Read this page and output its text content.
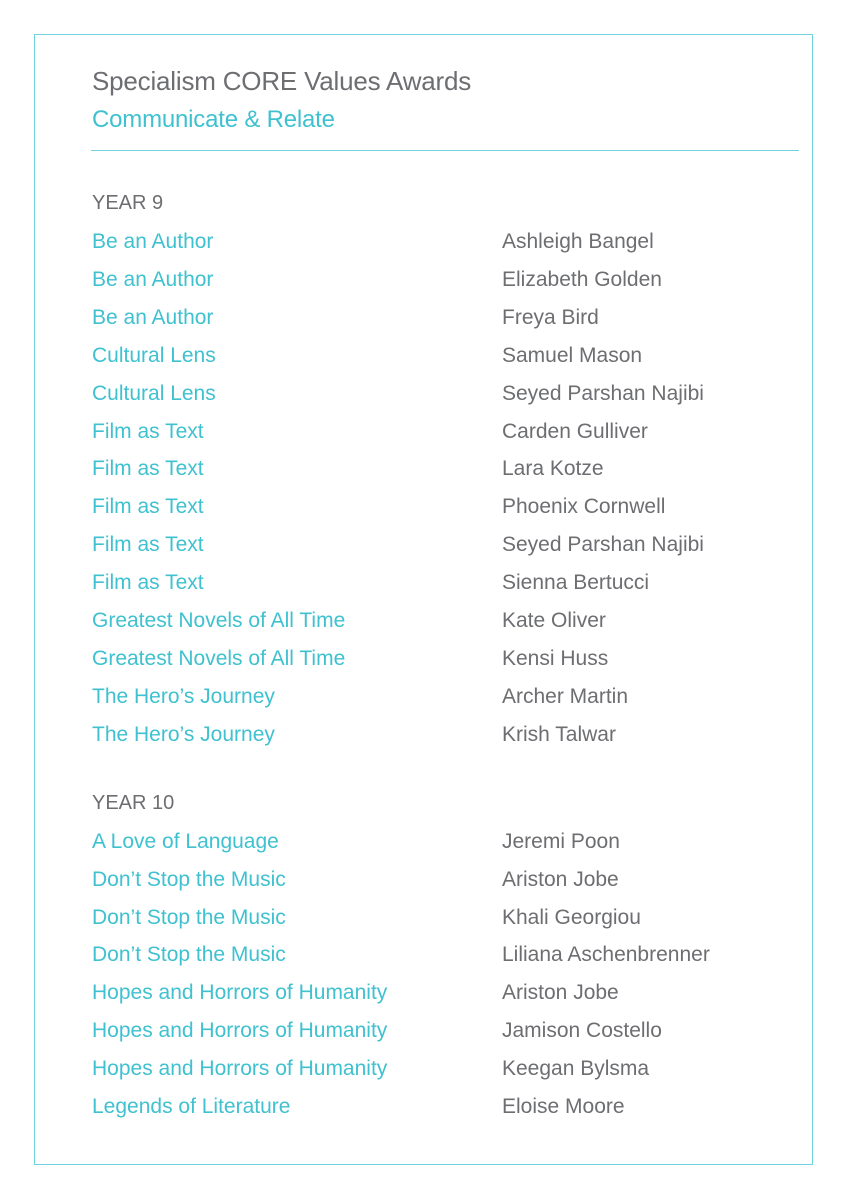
Specialism CORE Values Awards
Communicate & Relate
YEAR 9
Be an Author	Ashleigh Bangel
Be an Author	Elizabeth Golden
Be an Author	Freya Bird
Cultural Lens	Samuel Mason
Cultural Lens	Seyed Parshan Najibi
Film as Text	Carden Gulliver
Film as Text	Lara Kotze
Film as Text	Phoenix Cornwell
Film as Text	Seyed Parshan Najibi
Film as Text	Sienna Bertucci
Greatest Novels of All Time	Kate Oliver
Greatest Novels of All Time	Kensi Huss
The Hero’s Journey	Archer Martin
The Hero’s Journey	Krish Talwar
YEAR 10
A Love of Language	Jeremi Poon
Don’t Stop the Music	Ariston Jobe
Don’t Stop the Music	Khali Georgiou
Don’t Stop the Music	Liliana Aschenbrenner
Hopes and Horrors of Humanity	Ariston Jobe
Hopes and Horrors of Humanity	Jamison Costello
Hopes and Horrors of Humanity	Keegan Bylsma
Legends of Literature	Eloise Moore
